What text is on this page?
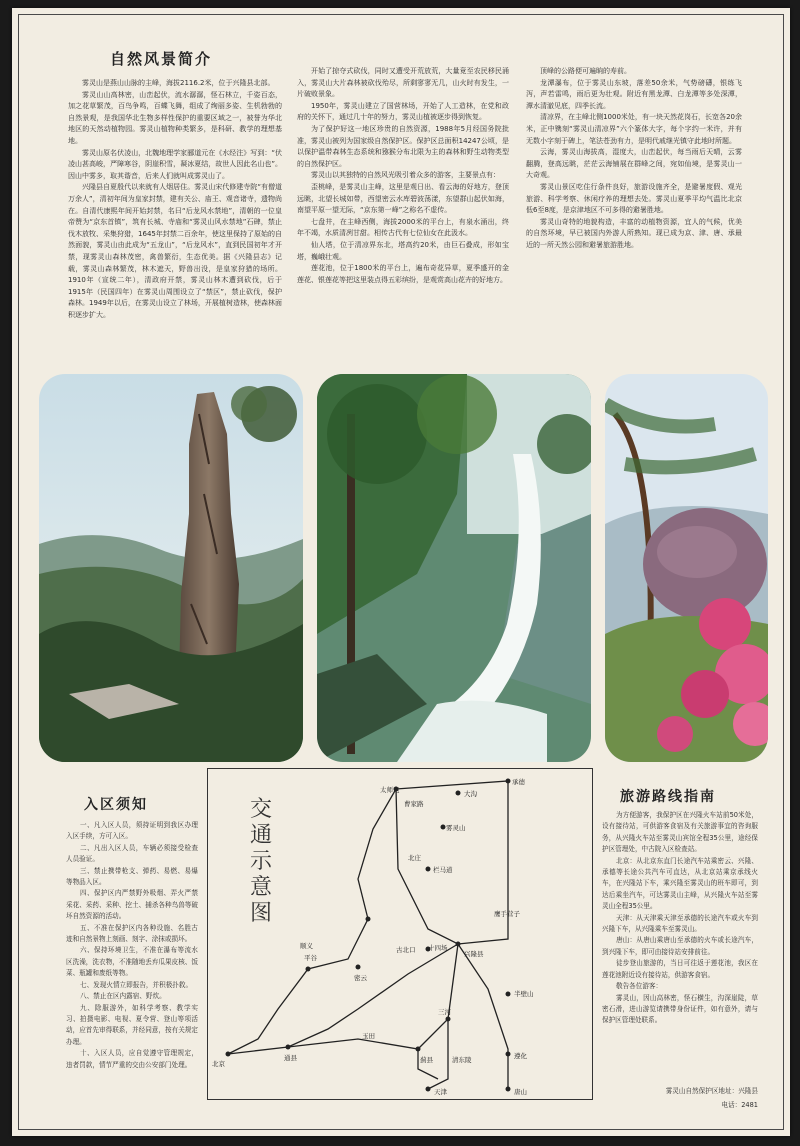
自然风景简介

雾灵山是燕山山脉的主峰，海拔2116.2米，位于兴隆县北部。

雾灵山山高林密，山峦起伏，流水潺潺，怪石林立，千姿百态，加之花草繁茂，百鸟争鸣，百蝶飞舞，组成了绚丽多姿、生机勃勃的自然景观，是我国华北生物多样性保护的重要区域之一，被誉为华北地区的天然动植物园。雾灵山植物种类繁多，是科研、教学的理想基地。

雾灵山原名伏凌山，北魏地理学家郦道元在《水经注》写到：“伏凌山甚高峻，严障寒谷，阴崖积雪，凝冰夏结，故世人因此名山也”。因山中雾多，取其谐音，后来人们就叫成雾灵山了。

兴隆县自夏殷代以来就有人烟居住。雾灵山宋代修建寺院“有僧道万余人”，清初年间为皇家封禁，建有关公、庙王、观音诸寺，遗物尚在。自清代康熙年间开始封禁，名曰“后龙风水禁地”，清朝的一位皇帝赞为“京东首镇”，筑有长城、寺庙和“雾灵山风水禁地”石碑，禁止伐木放牧、采集狩猎，1645年封禁二百余年，使这里保持了原始的自然面貌，雾灵山由此成为“五龙山”，“后龙风水”，直到民国初年才开禁，现雾灵山森林茂密，禽兽繁衍，生态优美。据《兴隆县志》记载，雾灵山森林繁茂，林木遮天，野兽出没，是皇家狩猎的场所。1910年（宣统二年），清政府开禁，雾灵山林木遭到砍伐，后于1915年（民国四年）在雾灵山周围设立了“禁区”，禁止砍伐，保护森林。1949年以后，在雾灵山设立了林场，开展植树造林，使森林面积逐步扩大。

开始了掠夺式砍伐，同时又遭受开荒放荒，大量竟至农民移民涌入，雾灵山大片森林被砍伐殆尽，所剩寥寥无几，山火时有发生，一片破败景象。

1950年，雾灵山建立了国营林场，开始了人工造林，在党和政府的关怀下，通过几十年的努力，雾灵山植被逐步得到恢复。

为了保护好这一地区珍贵的自然资源，1988年5月经国务院批准，雾灵山被列为国家级自然保护区。保护区总面积14247公顷，是以保护温带森林生态系统和猕猴分布北限为主的森林和野生动物类型的自然保护区。

雾灵山以其独特的自然风光吸引着众多的游客，主要景点有：

歪桃峰，是雾灵山主峰，这里是观日出、看云海的好地方，登顶远眺，北望长城如带，西望密云水库碧波荡漾，东望群山起伏如海，南望平原一望无际，“京东第一峰”之称名不虚传。

七盘井，在主峰西侧，海拔2000米的平台上，有泉水涌出，终年不竭，水质清冽甘甜。相传古代有七位仙女在此汲水。

仙人塔，位于清凉界东北，塔高约20米，由巨石叠成，形如宝塔，巍峨壮观。

莲花池，位于1800米的平台上，遍布奇花异草，夏季盛开的金莲花、银莲花等把这里装点得五彩缤纷，是观赏高山花卉的好地方。

顶峰的公路便可遍晌的寿前。

龙潭瀑布，位于雾灵山东坡，落差50余米，气势磅礴，银练飞泻，声若雷鸣，雨后更为壮观。附近有黑龙潭、白龙潭等多处深潭，潭水清澈见底，四季长流。

清凉界，在主峰北侧1000米处，有一块天然花岗石，长宽各20余米，正中镌刻“雾灵山清凉界”六个篆体大字，每个字约一米许，并有无数小字刻于碑上，笔法苍劲有力，是明代戚继光镇守此地时所题。

云海，雾灵山海拔高，湿度大，山峦起伏，每当雨后天晴，云雾翻腾，登高远眺，茫茫云海铺展在群峰之间，宛如仙境，是雾灵山一大奇观。

雾灵山景区吃住行条件良好，旅游设施齐全，是避暑度假、观光旅游、科学考察、休闲疗养的理想去处。雾灵山夏季平均气温比北京低6至8度，是京津地区不可多得的避暑胜地。

雾灵山奇特的地貌构造，丰富的动植物资源，宜人的气候，优美的自然环境，早已被国内外游人所熟知。现已成为京、津、唐、承最近的一所天然公园和避暑旅游胜地。

入区须知

一、凡入区人员，须持证明到我区办理入区手续，方可入区。

二、凡出入区人员，车辆必须接受检查人员验证。

三、禁止携带枪支、弹药、易燃、易爆等物品入区。

四、保护区内严禁野外吸烟、弄火严禁采花、采药、采种、挖土、捕杀各种鸟兽等破坏自然资源的活动。

五、不准在保护区内各种设施、名胜古迹和自然景物上刻画、刻字、涂抹或损坏。

六、保持环境卫生，不准在瀑布等流水区洗澡，洗衣物，不准随地丢弃瓜果皮核、饭菜、瓶罐和废纸等物。

七、发现火情立即报告，并积极扑救。

八、禁止在区内露宿、野炊。

九、除服游外，如科学考察、教学实习、拍摄电影、电视、夏令营、登山等项活动，应首先审得联系，并经同意，按有关规定办理。

十、入区人员，应自觉遵守管理规定，违者罚款，情节严重的交由公安部门处理。

交通示意图
太师屯	大沟
承德
曹家路
雾灵山
栏马道
北庄
密云
古北口	兴隆县
半壁山
十四场
鹰手营子
北京
通县
三河
蓟县	遵化
天津	唐山
平谷
清东陵
玉田
顺义
旅游路线指南

为方便游客，我保护区在兴隆火车站前50米处，设有接待站，可供游客食宿及有关旅游事宜的咨询服务，从兴隆火车站至雾灵山宾馆全程35公里，途经保护区管理处，中古院入区检查站。

北京：从北京东直门长途汽车站乘密云、兴隆、承德等长途公共汽车可直达，从北京站乘京承线火车，在兴隆站下车，乘兴隆至雾灵山的班车即可，到达后乘坐汽车，可达雾灵山主峰，从兴隆火车站至雾灵山全程35公里。

天津：从天津乘天津至承德的长途汽车或火车到兴隆下车，从兴隆乘车至雾灵山。

唐山：从唐山乘唐山至承德的火车或长途汽车，到兴隆下车，即可由接待站安排前往。

徒步登山旅游的，当日可往返于莲花池，我区在莲花池附近设有接待站，供游客食宿。

敬告各位游客：

雾灵山，因山高林密，怪石横生，沟深崖陡，草密石滑，进山游览请携带身份证件，如有意外，请与保护区管理处联系。

雾灵山自然保护区地址：兴隆县
电话：2481
